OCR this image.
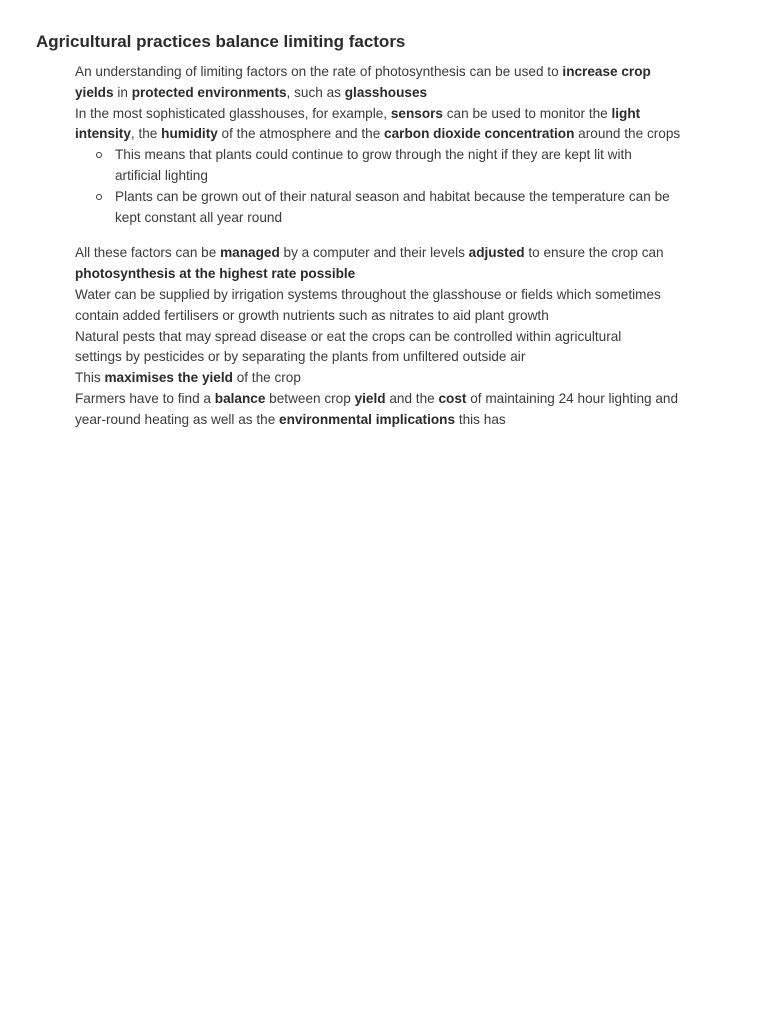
Agricultural practices balance limiting factors
An understanding of limiting factors on the rate of photosynthesis can be used to increase crop
yields in protected environments, such as glasshouses
In the most sophisticated glasshouses, for example, sensors can be used to monitor the light
intensity, the humidity of the atmosphere and the carbon dioxide concentration around the crops
This means that plants could continue to grow through the night if they are kept lit with
artificial lighting
Plants can be grown out of their natural season and habitat because the temperature can be
kept constant all year round
All these factors can be managed by a computer and their levels adjusted to ensure the crop can
photosynthesis at the highest rate possible
Water can be supplied by irrigation systems throughout the glasshouse or fields which sometimes
contain added fertilisers or growth nutrients such as nitrates to aid plant growth
Natural pests that may spread disease or eat the crops can be controlled within agricultural
settings by pesticides or by separating the plants from unfiltered outside air
This maximises the yield of the crop
Farmers have to find a balance between crop yield and the cost of maintaining 24 hour lighting and
year-round heating as well as the environmental implications this has
